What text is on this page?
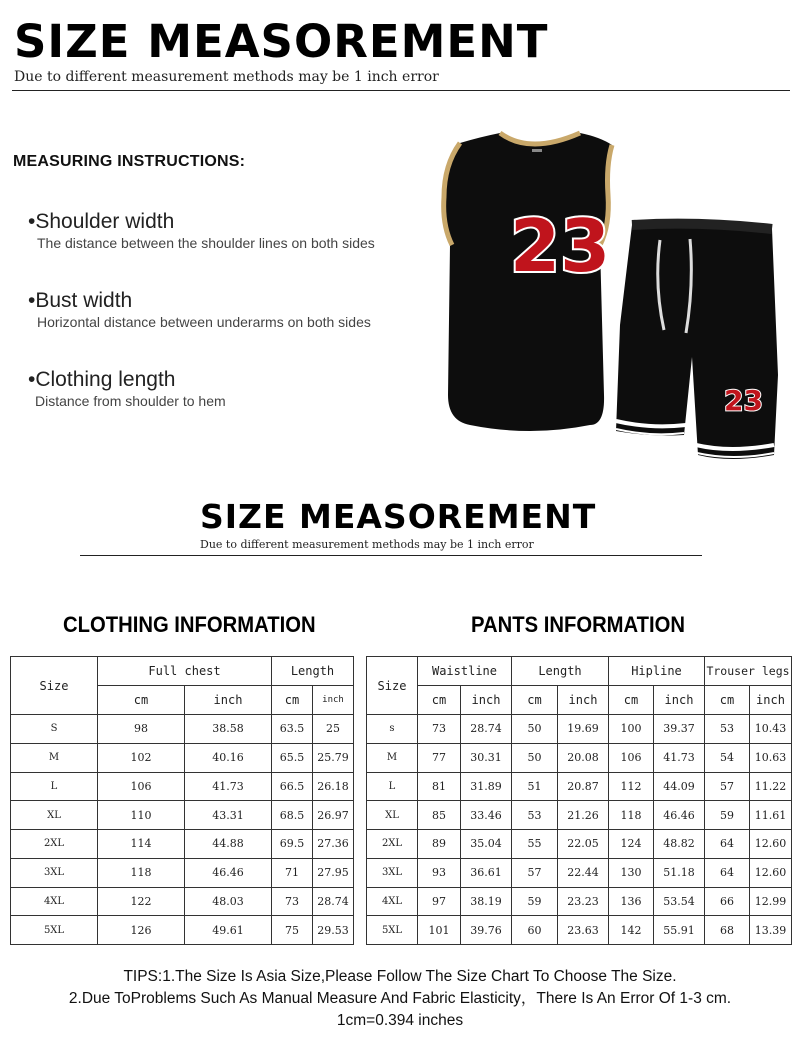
SIZE MEASOREMENT
Due to different measurement methods may be 1 inch error
MEASURING INSTRUCTIONS:
•Shoulder width
The distance between the shoulder lines on both sides
•Bust width
Horizontal distance between underarms on both sides
•Clothing length
Distance from shoulder to hem
23
23
SIZE MEASOREMENT
Due to different measurement methods may be 1 inch error
CLOTHING INFORMATION	PANTS INFORMATION
Size	Full chest		Length	
	cm	inch	cm	inch
S	98	38.58	63.5	25
M	102	40.16	65.5	25.79
L	106	41.73	66.5	26.18
XL	110	43.31	68.5	26.97
2XL	114	44.88	69.5	27.36
3XL	118	46.46	71	27.95
4XL	122	48.03	73	28.74
5XL	126	49.61	75	29.53
Size	Waistline		Length		Hipline		Trouser legs	
	cm	inch	cm	inch	cm	inch	cm	inch
s	73	28.74	50	19.69	100	39.37	53	10.43
M	77	30.31	50	20.08	106	41.73	54	10.63
L	81	31.89	51	20.87	112	44.09	57	11.22
XL	85	33.46	53	21.26	118	46.46	59	11.61
2XL	89	35.04	55	22.05	124	48.82	64	12.60
3XL	93	36.61	57	22.44	130	51.18	64	12.60
4XL	97	38.19	59	23.23	136	53.54	66	12.99
5XL	101	39.76	60	23.63	142	55.91	68	13.39
TIPS:1.The Size Is Asia Size,Please Follow The Size Chart To Choose The Size.
2.Due ToProblems Such As Manual Measure And Fabric Elasticity，There Is An Error Of 1-3 cm.
1cm=0.394 inches
